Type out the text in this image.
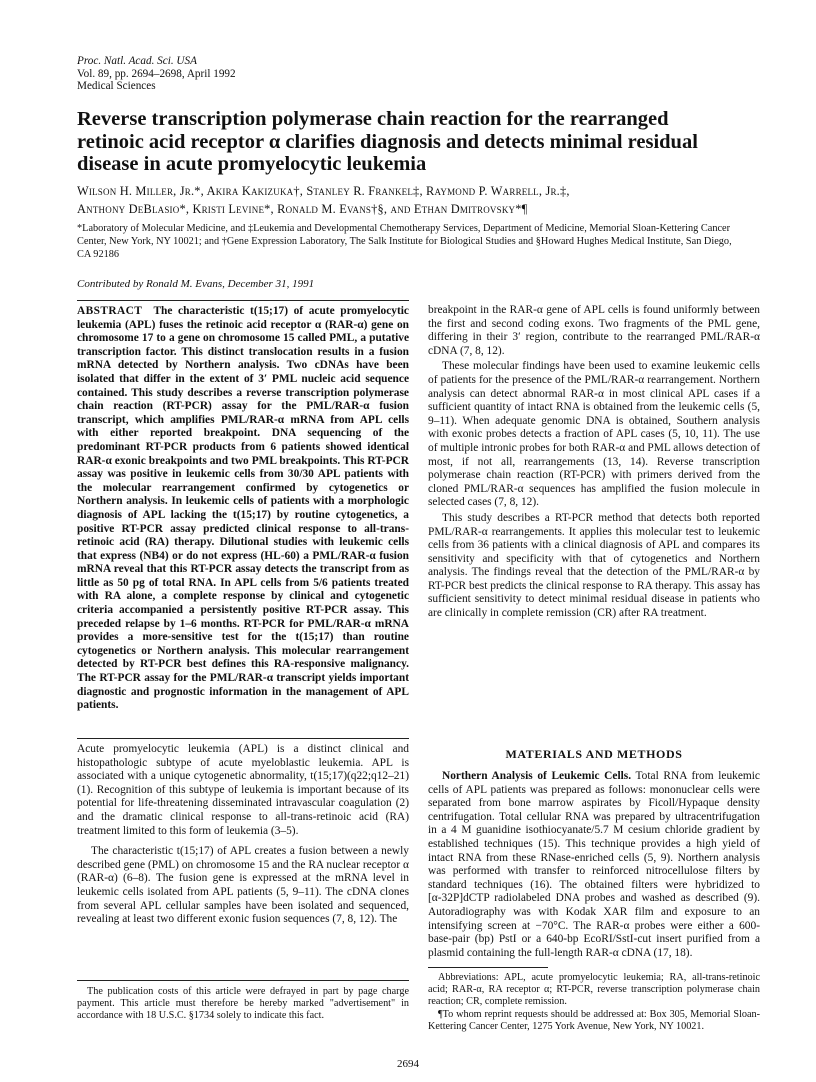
Proc. Natl. Acad. Sci. USA
Vol. 89, pp. 2694–2698, April 1992
Medical Sciences
Reverse transcription polymerase chain reaction for the rearranged retinoic acid receptor α clarifies diagnosis and detects minimal residual disease in acute promyelocytic leukemia
Wilson H. Miller, Jr.*, Akira Kakizuka†, Stanley R. Frankel‡, Raymond P. Warrell, Jr.‡,
Anthony DeBlasio*, Kristi Levine*, Ronald M. Evans†§, and Ethan Dmitrovsky*¶
*Laboratory of Molecular Medicine, and ‡Leukemia and Developmental Chemotherapy Services, Department of Medicine, Memorial Sloan-Kettering Cancer Center, New York, NY 10021; and †Gene Expression Laboratory, The Salk Institute for Biological Studies and §Howard Hughes Medical Institute, San Diego, CA 92186
Contributed by Ronald M. Evans, December 31, 1991

ABSTRACT The characteristic t(15;17) of acute promyelocytic leukemia (APL) fuses the retinoic acid receptor α (RAR-α) gene on chromosome 17 to a gene on chromosome 15 called PML, a putative transcription factor. This distinct translocation results in a fusion mRNA detected by Northern analysis. Two cDNAs have been isolated that differ in the extent of 3′ PML nucleic acid sequence contained. This study describes a reverse transcription polymerase chain reaction (RT-PCR) assay for the PML/RAR-α fusion transcript, which amplifies PML/RAR-α mRNA from APL cells with either reported breakpoint. DNA sequencing of the predominant RT-PCR products from 6 patients showed identical RAR-α exonic breakpoints and two PML breakpoints. This RT-PCR assay was positive in leukemic cells from 30/30 APL patients with the molecular rearrangement confirmed by cytogenetics or Northern analysis. In leukemic cells of patients with a morphologic diagnosis of APL lacking the t(15;17) by routine cytogenetics, a positive RT-PCR assay predicted clinical response to all-trans-retinoic acid (RA) therapy. Dilutional studies with leukemic cells that express (NB4) or do not express (HL-60) a PML/RAR-α fusion mRNA reveal that this RT-PCR assay detects the transcript from as little as 50 pg of total RNA. In APL cells from 5/6 patients treated with RA alone, a complete response by clinical and cytogenetic criteria accompanied a persistently positive RT-PCR assay. This preceded relapse by 1–6 months. RT-PCR for PML/RAR-α mRNA provides a more-sensitive test for the t(15;17) than routine cytogenetics or Northern analysis. This molecular rearrangement detected by RT-PCR best defines this RA-responsive malignancy. The RT-PCR assay for the PML/RAR-α transcript yields important diagnostic and prognostic information in the management of APL patients.

Acute promyelocytic leukemia (APL) is a distinct clinical and histopathologic subtype of acute myeloblastic leukemia. APL is associated with a unique cytogenetic abnormality, t(15;17)(q22;q12–21) (1). Recognition of this subtype of leukemia is important because of its potential for life-threatening disseminated intravascular coagulation (2) and the dramatic clinical response to all-trans-retinoic acid (RA) treatment limited to this form of leukemia (3–5).

The characteristic t(15;17) of APL creates a fusion between a newly described gene (PML) on chromosome 15 and the RA nuclear receptor α (RAR-α) (6–8). The fusion gene is expressed at the mRNA level in leukemic cells isolated from APL patients (5, 9–11). The cDNA clones from several APL cellular samples have been isolated and sequenced, revealing at least two different exonic fusion sequences (7, 8, 12). The

The publication costs of this article were defrayed in part by page charge payment. This article must therefore be hereby marked "advertisement" in accordance with 18 U.S.C. §1734 solely to indicate this fact.

breakpoint in the RAR-α gene of APL cells is found uniformly between the first and second coding exons. Two fragments of the PML gene, differing in their 3′ region, contribute to the rearranged PML/RAR-α cDNA (7, 8, 12).

These molecular findings have been used to examine leukemic cells of patients for the presence of the PML/RAR-α rearrangement. Northern analysis can detect abnormal RAR-α in most clinical APL cases if a sufficient quantity of intact RNA is obtained from the leukemic cells (5, 9–11). When adequate genomic DNA is obtained, Southern analysis with exonic probes detects a fraction of APL cases (5, 10, 11). The use of multiple intronic probes for both RAR-α and PML allows detection of most, if not all, rearrangements (13, 14). Reverse transcription polymerase chain reaction (RT-PCR) with primers derived from the cloned PML/RAR-α sequences has amplified the fusion molecule in selected cases (7, 8, 12).

This study describes a RT-PCR method that detects both reported PML/RAR-α rearrangements. It applies this molecular test to leukemic cells from 36 patients with a clinical diagnosis of APL and compares its sensitivity and specificity with that of cytogenetics and Northern analysis. The findings reveal that the detection of the PML/RAR-α by RT-PCR best predicts the clinical response to RA therapy. This assay has sufficient sensitivity to detect minimal residual disease in patients who are clinically in complete remission (CR) after RA treatment.

MATERIALS AND METHODS

Northern Analysis of Leukemic Cells. Total RNA from leukemic cells of APL patients was prepared as follows: mononuclear cells were separated from bone marrow aspirates by Ficoll/Hypaque density centrifugation. Total cellular RNA was prepared by ultracentrifugation in a 4 M guanidine isothiocyanate/5.7 M cesium chloride gradient by established techniques (15). This technique provides a high yield of intact RNA from these RNase-enriched cells (5, 9). Northern analysis was performed with transfer to reinforced nitrocellulose filters by standard techniques (16). The obtained filters were hybridized to [α-32P]dCTP radiolabeled DNA probes and washed as described (9). Autoradiography was with Kodak XAR film and exposure to an intensifying screen at −70°C. The RAR-α probes were either a 600-base-pair (bp) PstI or a 640-bp EcoRI/SstI-cut insert purified from a plasmid containing the full-length RAR-α cDNA (17, 18).

Abbreviations: APL, acute promyelocytic leukemia; RA, all-trans-retinoic acid; RAR-α, RA receptor α; RT-PCR, reverse transcription polymerase chain reaction; CR, complete remission.

¶To whom reprint requests should be addressed at: Box 305, Memorial Sloan-Kettering Cancer Center, 1275 York Avenue, New York, NY 10021.

2694
